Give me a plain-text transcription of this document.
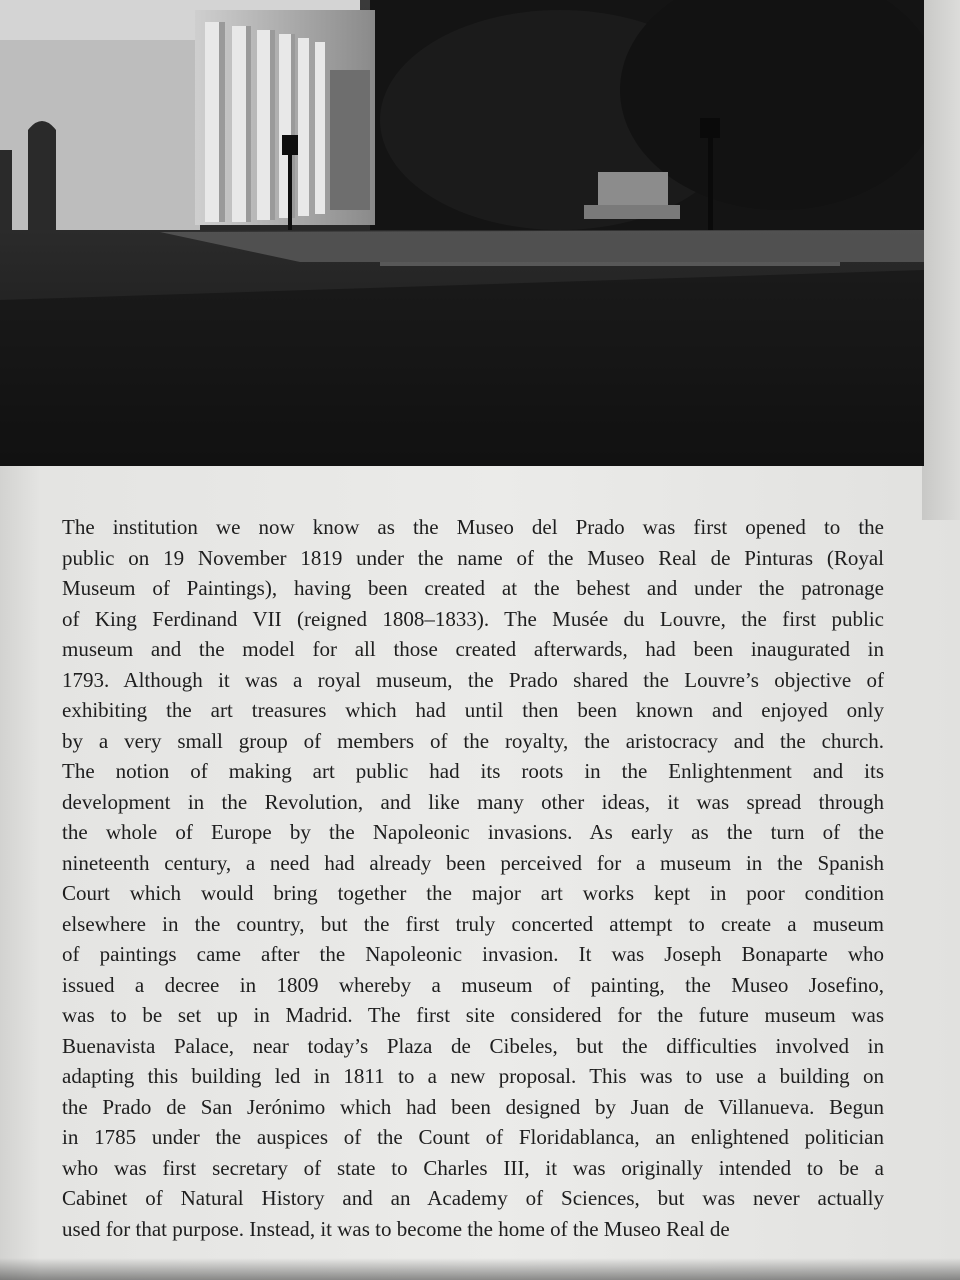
The institution we now know as the Museo del Prado was first opened to the
public on 19 November 1819 under the name of the Museo Real de Pinturas (Royal
Museum of Paintings), having been created at the behest and under the patronage
of King Ferdinand VII (reigned 1808–1833). The Musée du Louvre, the first public
museum and the model for all those created afterwards, had been inaugurated in
1793. Although it was a royal museum, the Prado shared the Louvre’s objective of
exhibiting the art treasures which had until then been known and enjoyed only
by a very small group of members of the royalty, the aristocracy and the church.
The notion of making art public had its roots in the Enlightenment and its
development in the Revolution, and like many other ideas, it was spread through
the whole of Europe by the Napoleonic invasions. As early as the turn of the
nineteenth century, a need had already been perceived for a museum in the Spanish
Court which would bring together the major art works kept in poor condition
elsewhere in the country, but the first truly concerted attempt to create a museum
of paintings came after the Napoleonic invasion. It was Joseph Bonaparte who
issued a decree in 1809 whereby a museum of painting, the Museo Josefino,
was to be set up in Madrid. The first site considered for the future museum was
Buenavista Palace, near today’s Plaza de Cibeles, but the difficulties involved in
adapting this building led in 1811 to a new proposal. This was to use a building on
the Prado de San Jerónimo which had been designed by Juan de Villanueva. Begun
in 1785 under the auspices of the Count of Floridablanca, an enlightened politician
who was first secretary of state to Charles III, it was originally intended to be a
Cabinet of Natural History and an Academy of Sciences, but was never actually
used for that purpose. Instead, it was to become the home of the Museo Real de
